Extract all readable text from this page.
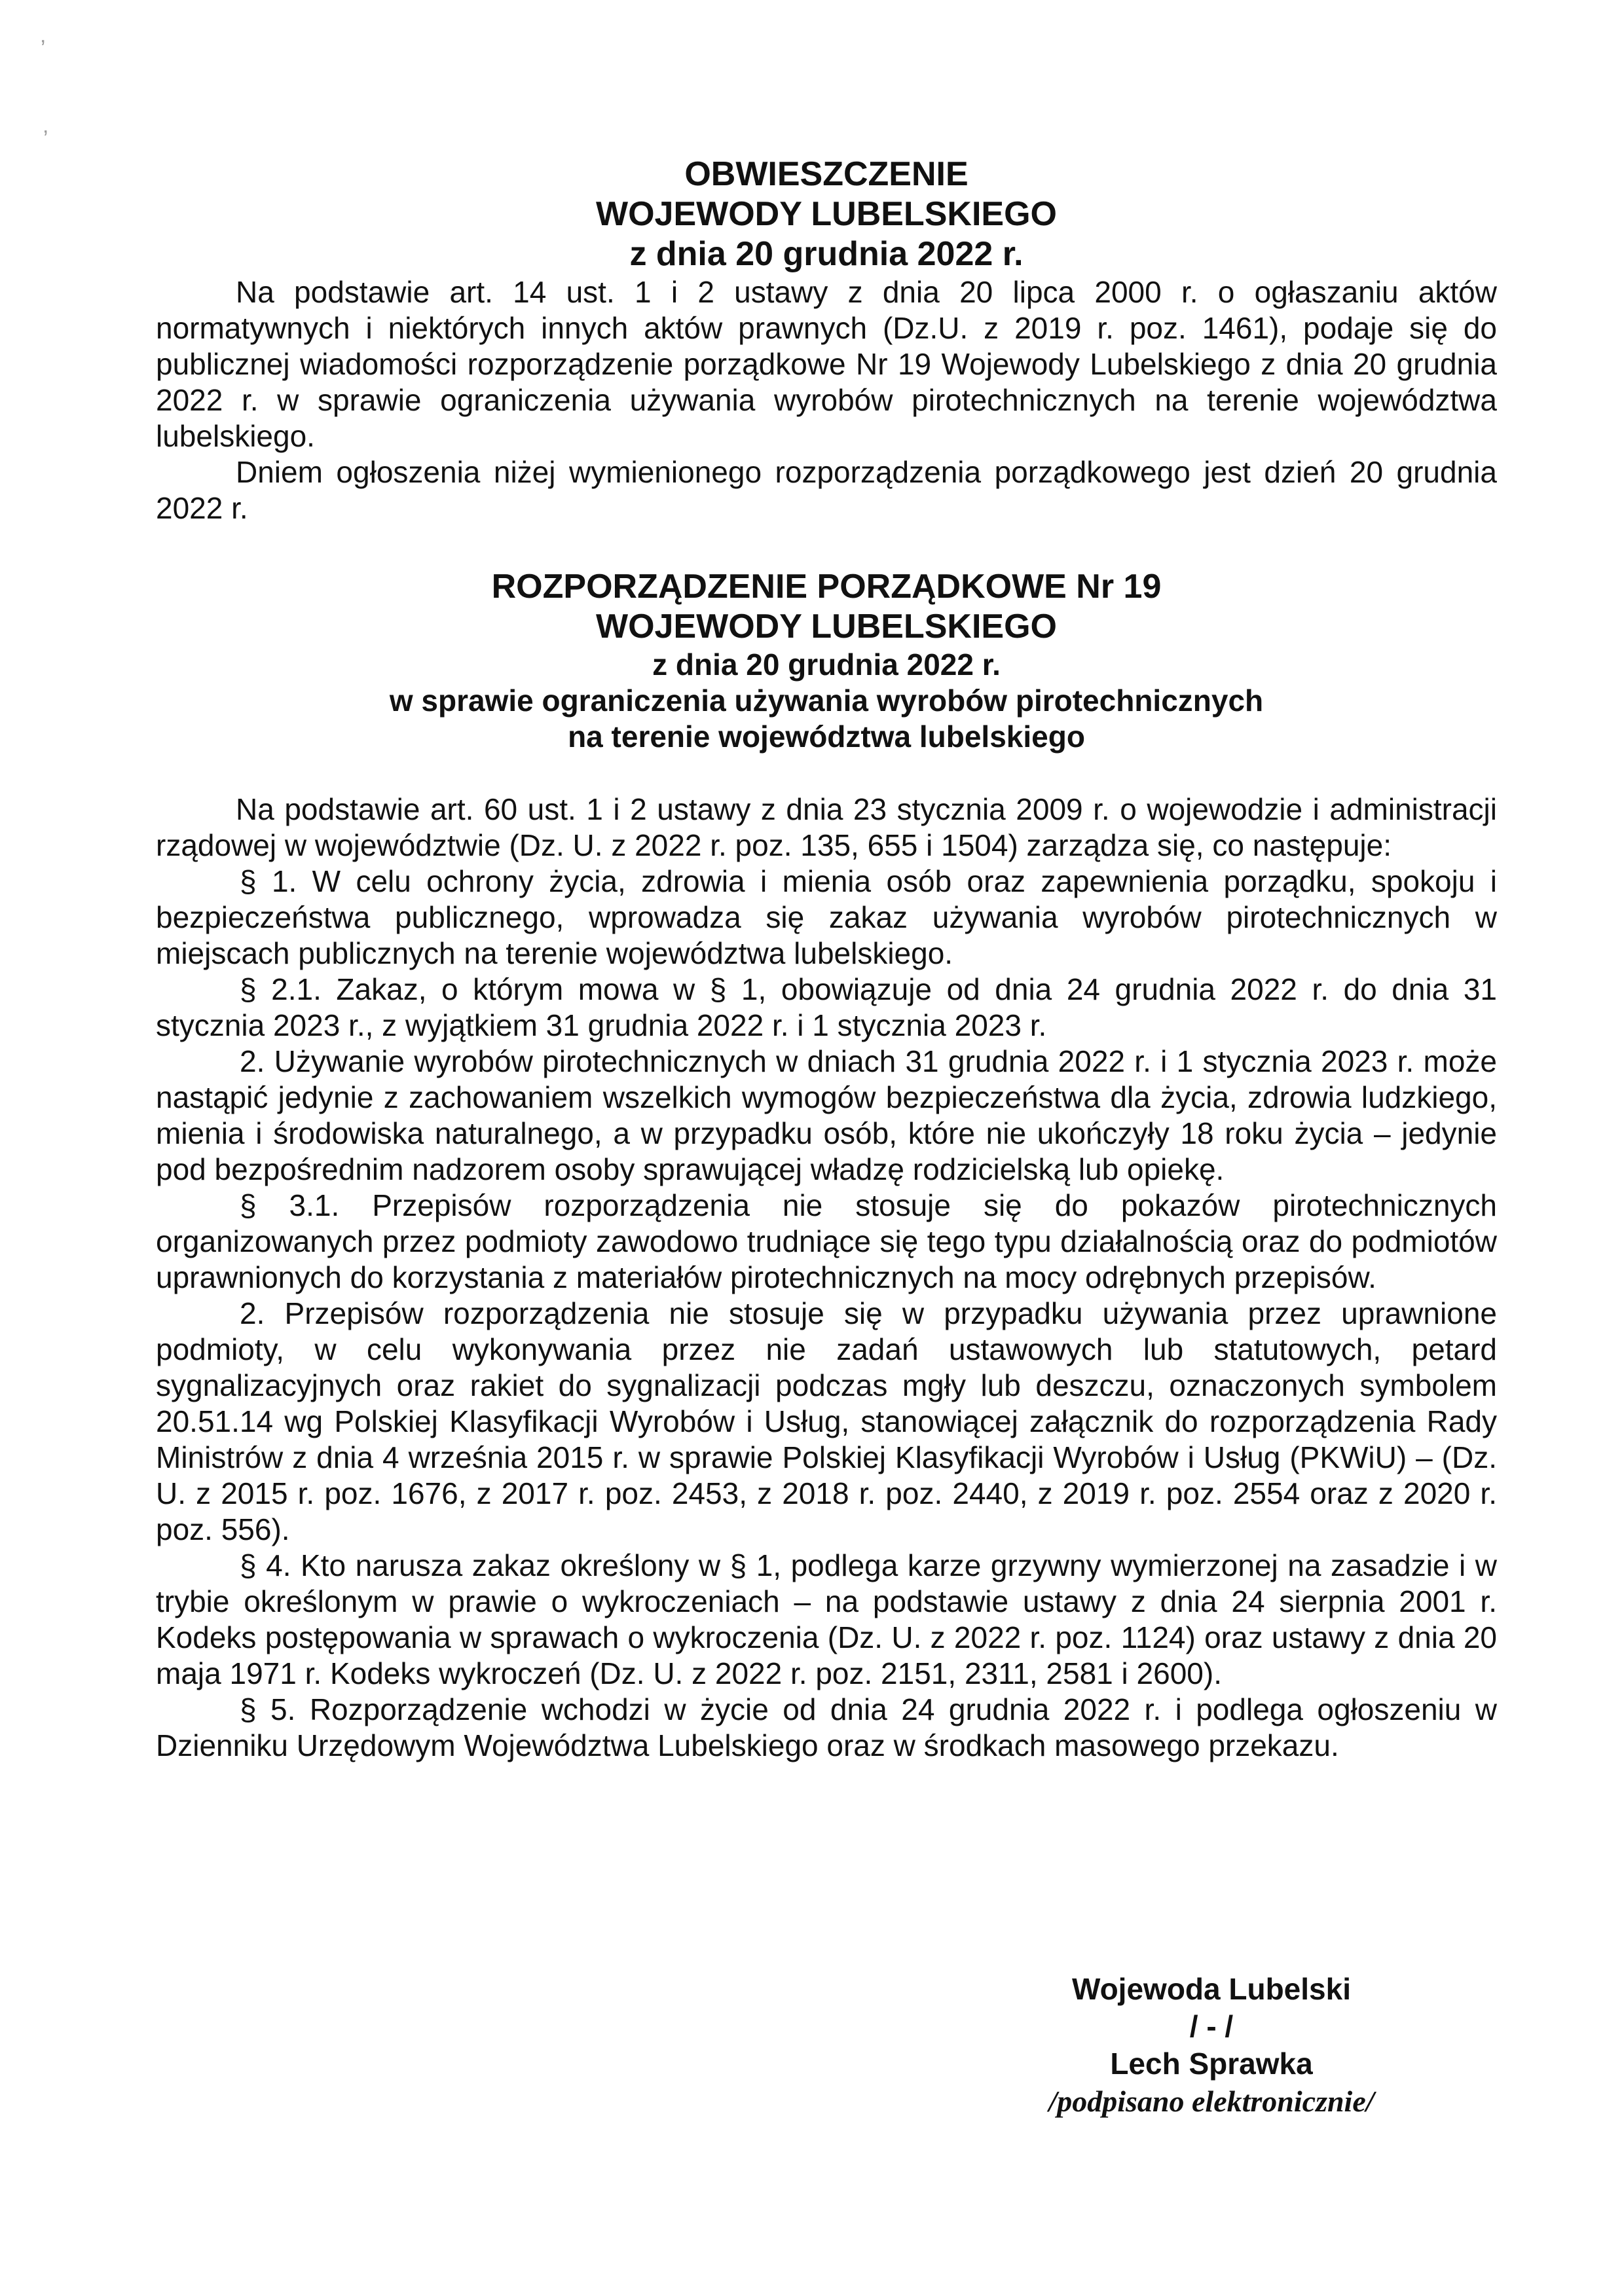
ʼ
ʼ
OBWIESZCZENIE
WOJEWODY LUBELSKIEGO
z dnia 20 grudnia 2022 r.

Na podstawie art. 14 ust. 1 i 2 ustawy z dnia 20 lipca 2000 r. o ogłaszaniu aktów normatywnych i niektórych innych aktów prawnych (Dz.U. z 2019 r. poz. 1461), podaje się do publicznej wiadomości rozporządzenie porządkowe Nr 19 Wojewody Lubelskiego z dnia 20 grudnia 2022 r. w sprawie ograniczenia używania wyrobów pirotechnicznych na terenie województwa lubelskiego.

Dniem ogłoszenia niżej wymienionego rozporządzenia porządkowego jest dzień 20 grudnia 2022 r.

ROZPORZĄDZENIE PORZĄDKOWE Nr 19
WOJEWODY LUBELSKIEGO
z dnia 20 grudnia 2022 r.
w sprawie ograniczenia używania wyrobów pirotechnicznych
na terenie województwa lubelskiego

Na podstawie art. 60 ust. 1 i 2 ustawy z dnia 23 stycznia 2009 r. o wojewodzie i administracji rządowej w województwie (Dz. U. z 2022 r. poz. 135, 655 i 1504) zarządza się, co następuje:

§ 1. W celu ochrony życia, zdrowia i mienia osób oraz zapewnienia porządku, spokoju i bezpieczeństwa publicznego, wprowadza się zakaz używania wyrobów pirotechnicznych w miejscach publicznych na terenie województwa lubelskiego.

§ 2.1. Zakaz, o którym mowa w § 1, obowiązuje od dnia 24 grudnia 2022 r. do dnia 31 stycznia 2023 r., z wyjątkiem 31 grudnia 2022 r. i 1 stycznia 2023 r.

2. Używanie wyrobów pirotechnicznych w dniach 31 grudnia 2022 r. i 1 stycznia 2023 r. może nastąpić jedynie z zachowaniem wszelkich wymogów bezpieczeństwa dla życia, zdrowia ludzkiego, mienia i środowiska naturalnego, a w przypadku osób, które nie ukończyły 18 roku życia – jedynie pod bezpośrednim nadzorem osoby sprawującej władzę rodzicielską lub opiekę.

§ 3.1. Przepisów rozporządzenia nie stosuje się do pokazów pirotechnicznych organizowanych przez podmioty zawodowo trudniące się tego typu działalnością oraz do podmiotów uprawnionych do korzystania z materiałów pirotechnicznych na mocy odrębnych przepisów.

2. Przepisów rozporządzenia nie stosuje się w przypadku używania przez uprawnione podmioty, w celu wykonywania przez nie zadań ustawowych lub statutowych, petard sygnalizacyjnych oraz rakiet do sygnalizacji podczas mgły lub deszczu, oznaczonych symbolem 20.51.14 wg Polskiej Klasyfikacji Wyrobów i Usług, stanowiącej załącznik do rozporządzenia Rady Ministrów z dnia 4 września 2015 r. w sprawie Polskiej Klasyfikacji Wyrobów i Usług (PKWiU) – (Dz. U. z 2015 r. poz. 1676, z 2017 r. poz. 2453, z 2018 r. poz. 2440, z 2019 r. poz. 2554 oraz z 2020 r. poz. 556).

§ 4. Kto narusza zakaz określony w § 1, podlega karze grzywny wymierzonej na zasadzie i w trybie określonym w prawie o wykroczeniach – na podstawie ustawy z dnia 24 sierpnia 2001 r. Kodeks postępowania w sprawach o wykroczenia (Dz. U. z 2022 r. poz. 1124) oraz ustawy z dnia 20 maja 1971 r. Kodeks wykroczeń (Dz. U. z 2022 r. poz. 2151, 2311, 2581 i 2600).

§ 5. Rozporządzenie wchodzi w życie od dnia 24 grudnia 2022 r. i podlega ogłoszeniu w Dzienniku Urzędowym Województwa Lubelskiego oraz w środkach masowego przekazu.

Wojewoda Lubelski
/ - /
Lech Sprawka
/podpisano elektronicznie/
